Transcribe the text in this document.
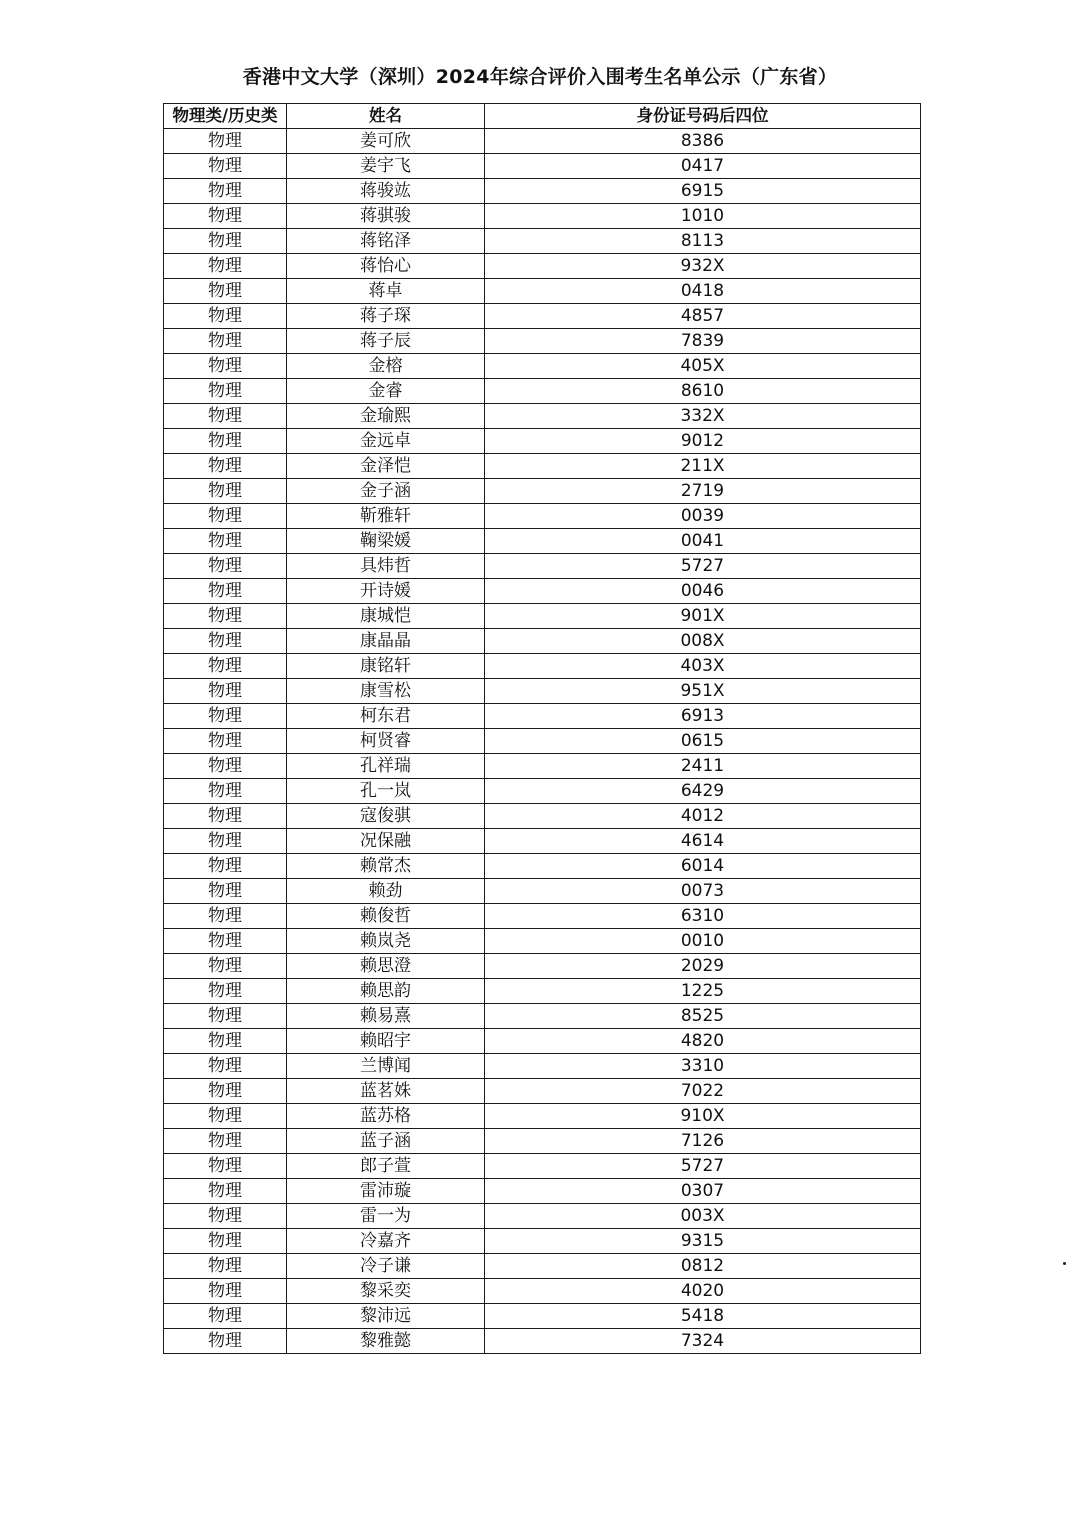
香港中文大学（深圳）2024年综合评价入围考生名单公示（广东省）
物理类/历史类	姓名	身份证号码后四位
物理	姜可欣	8386
物理	姜宇飞	0417
物理	蒋骏竑	6915
物理	蒋骐骏	1010
物理	蒋铭泽	8113
物理	蒋怡心	932X
物理	蒋卓	0418
物理	蒋子琛	4857
物理	蒋子辰	7839
物理	金榕	405X
物理	金睿	8610
物理	金瑜熙	332X
物理	金远卓	9012
物理	金泽恺	211X
物理	金子涵	2719
物理	靳雅轩	0039
物理	鞠梁媛	0041
物理	具炜哲	5727
物理	开诗媛	0046
物理	康城恺	901X
物理	康晶晶	008X
物理	康铭轩	403X
物理	康雪松	951X
物理	柯东君	6913
物理	柯贤睿	0615
物理	孔祥瑞	2411
物理	孔一岚	6429
物理	寇俊骐	4012
物理	况保融	4614
物理	赖常杰	6014
物理	赖劲	0073
物理	赖俊哲	6310
物理	赖岚尧	0010
物理	赖思澄	2029
物理	赖思韵	1225
物理	赖易熹	8525
物理	赖昭宇	4820
物理	兰博闻	3310
物理	蓝茗姝	7022
物理	蓝苏格	910X
物理	蓝子涵	7126
物理	郎子萱	5727
物理	雷沛璇	0307
物理	雷一为	003X
物理	冷嘉齐	9315
物理	冷子谦	0812
物理	黎采奕	4020
物理	黎沛远	5418
物理	黎雅懿	7324
